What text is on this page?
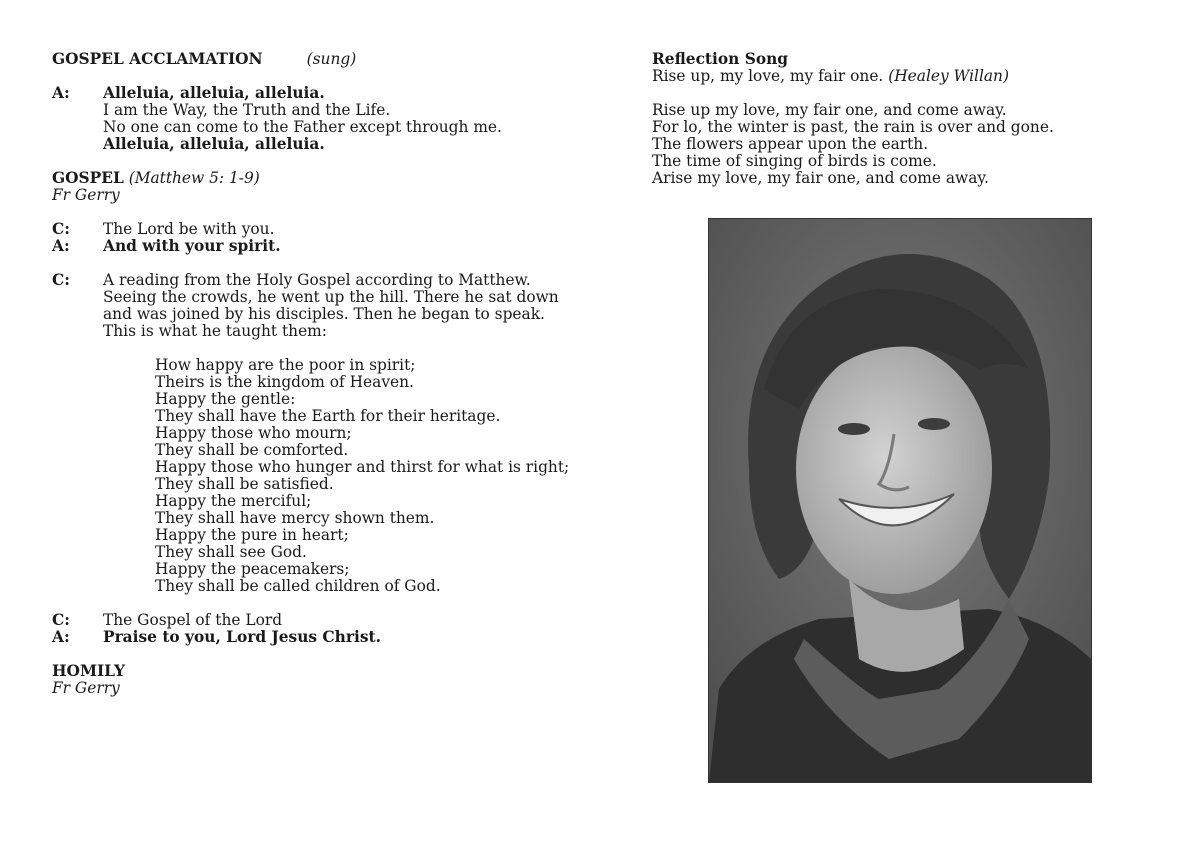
GOSPEL ACCLAMATION	(sung)
A: Alleluia, alleluia, alleluia.
I am the Way, the Truth and the Life.
No one can come to the Father except through me.
Alleluia, alleluia, alleluia.
GOSPEL (Matthew 5: 1-9)
Fr Gerry
C: The Lord be with you.
A: And with your spirit.
C: A reading from the Holy Gospel according to Matthew.
Seeing the crowds, he went up the hill. There he sat down
and was joined by his disciples. Then he began to speak.
This is what he taught them:
How happy are the poor in spirit;
Theirs is the kingdom of Heaven.
Happy the gentle:
They shall have the Earth for their heritage.
Happy those who mourn;
They shall be comforted.
Happy those who hunger and thirst for what is right;
They shall be satisfied.
Happy the merciful;
They shall have mercy shown them.
Happy the pure in heart;
They shall see God.
Happy the peacemakers;
They shall be called children of God.
C: The Gospel of the Lord
A: Praise to you, Lord Jesus Christ.
HOMILY
Fr Gerry
Reflection Song
Rise up, my love, my fair one. (Healey Willan)
Rise up my love, my fair one, and come away.
For lo, the winter is past, the rain is over and gone.
The flowers appear upon the earth.
The time of singing of birds is come.
Arise my love, my fair one, and come away.
